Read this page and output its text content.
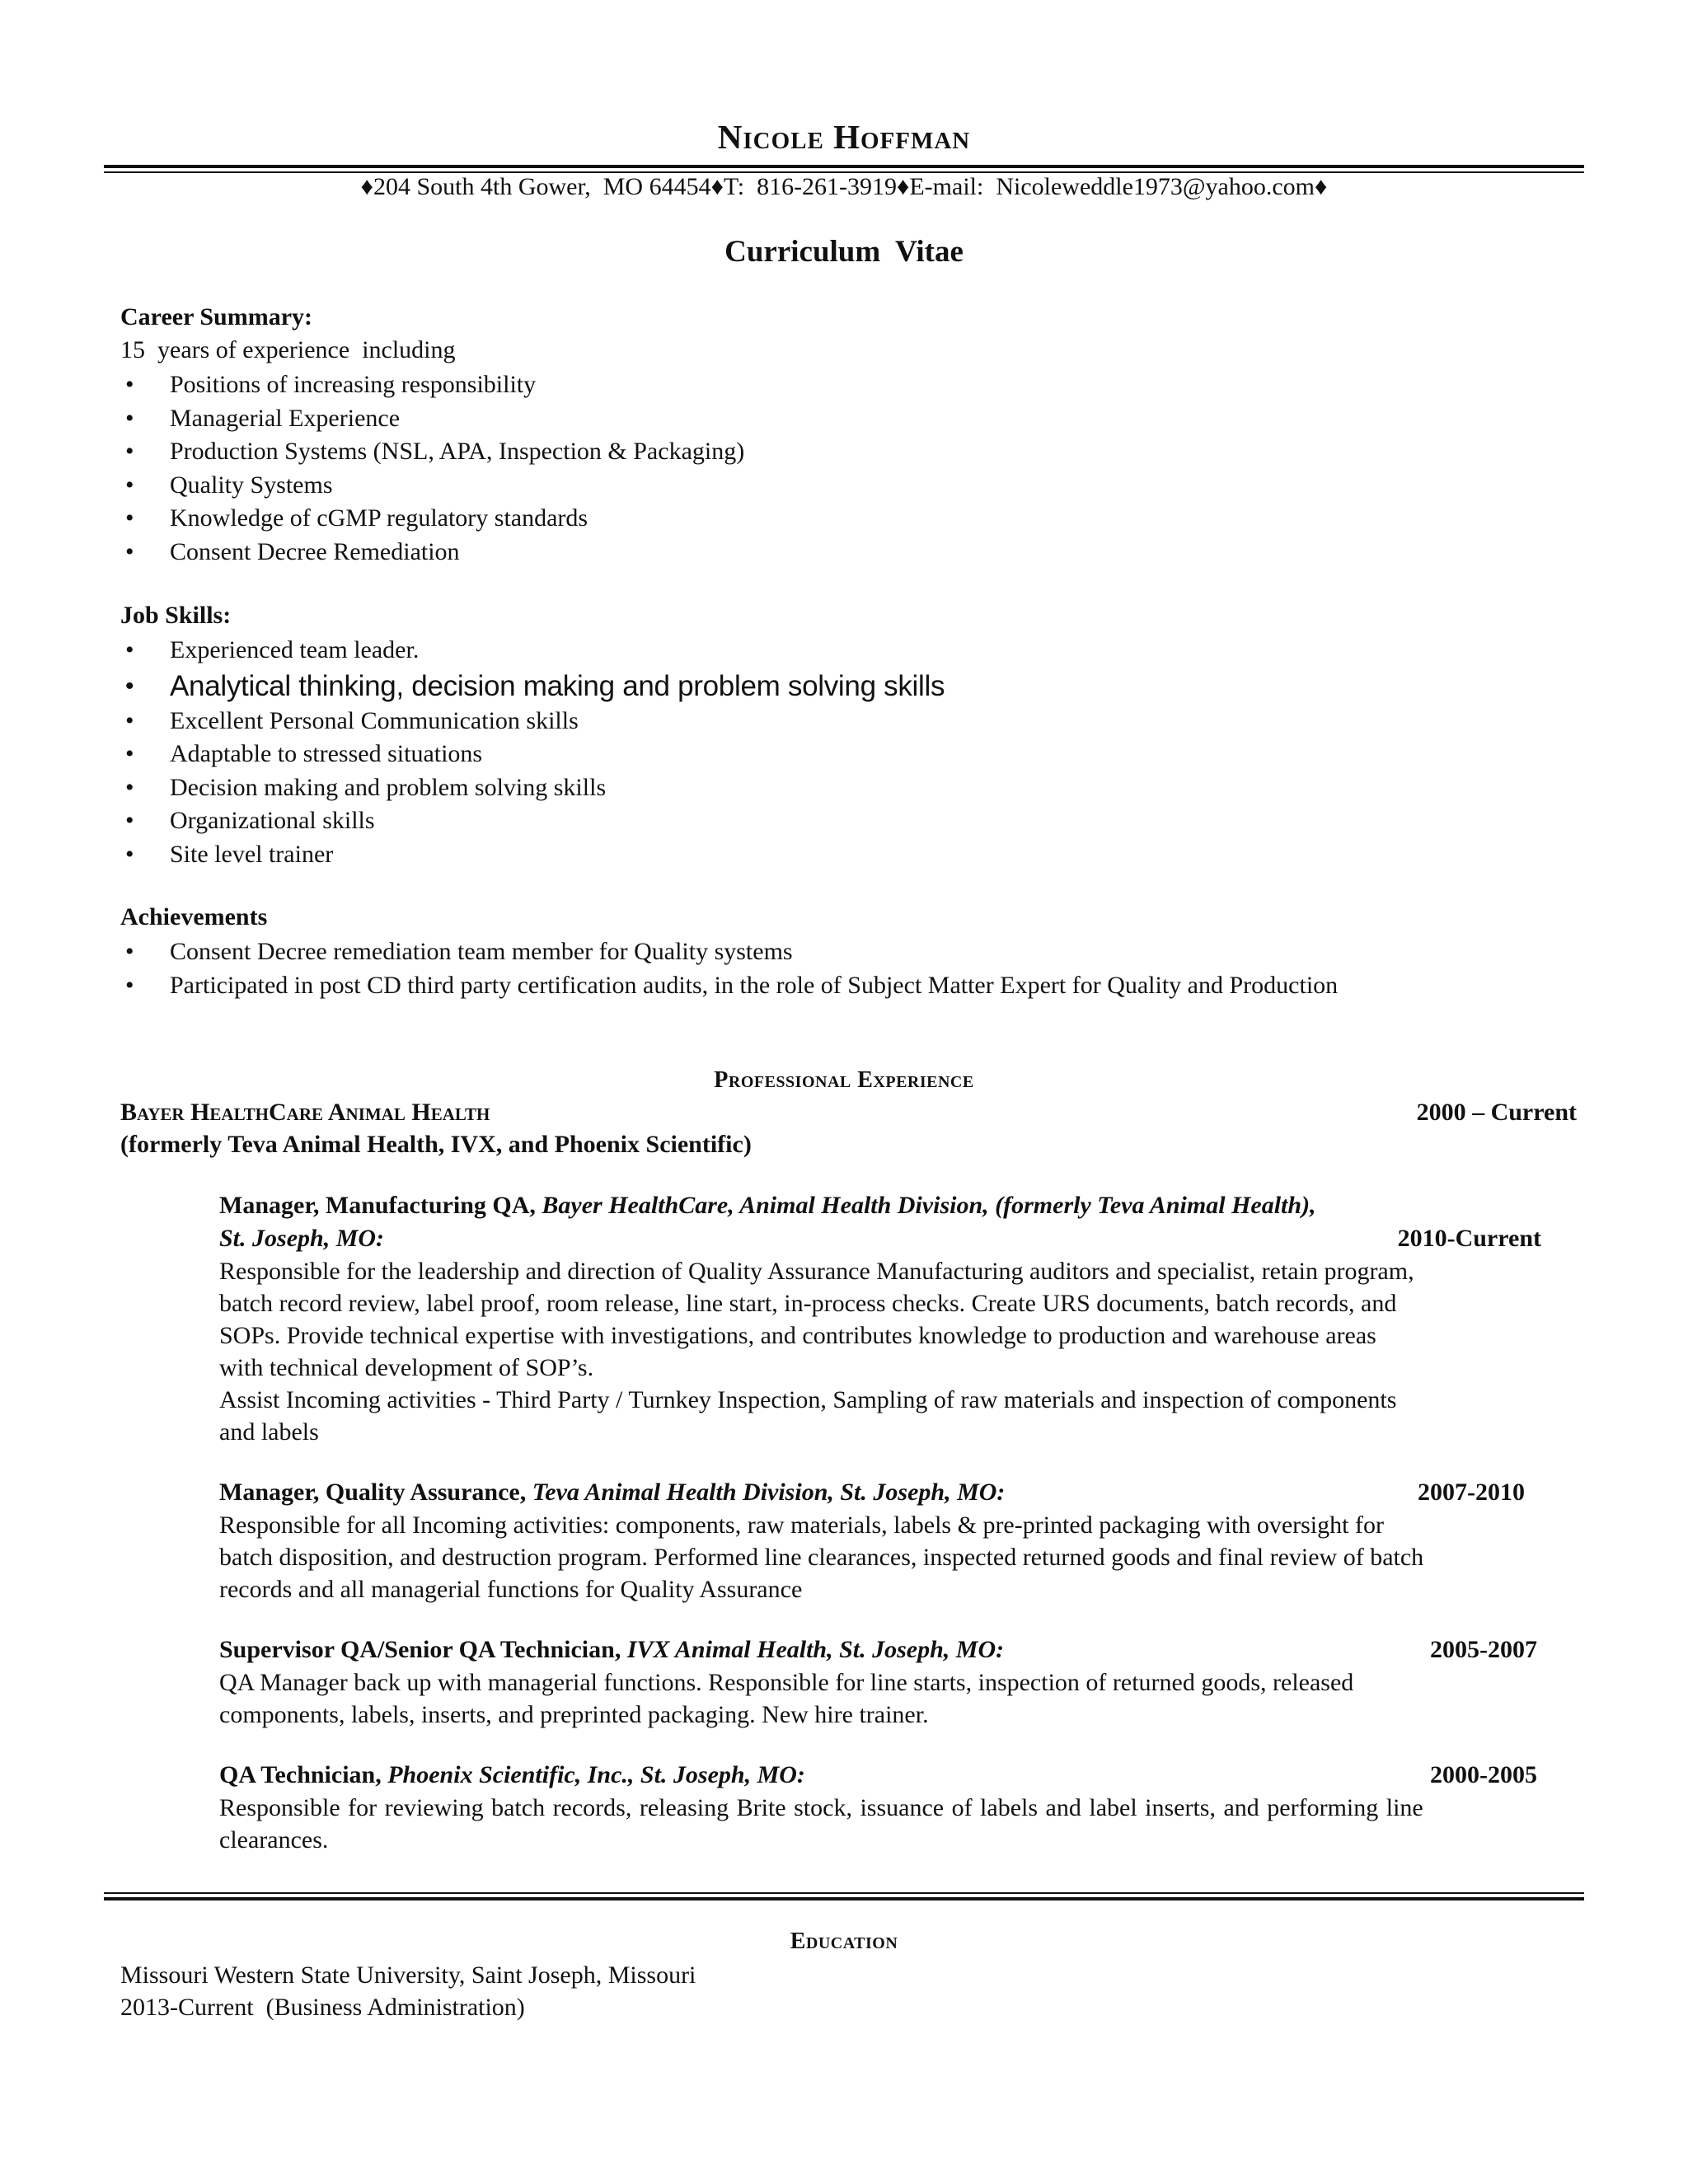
Nicole Hoffman
♦204 South 4th Gower,  MO 64454♦T:  816-261-3919♦E-mail:  Nicoleweddle1973@yahoo.com♦
Curriculum  Vitae
Career Summary:
15  years of experience  including
• Positions of increasing responsibility
• Managerial Experience
• Production Systems (NSL, APA, Inspection & Packaging)
• Quality Systems
• Knowledge of cGMP regulatory standards
• Consent Decree Remediation
Job Skills:
• Experienced team leader.
• Analytical thinking, decision making and problem solving skills
• Excellent Personal Communication skills
• Adaptable to stressed situations
• Decision making and problem solving skills
• Organizational skills
• Site level trainer
Achievements
• Consent Decree remediation team member for Quality systems
• Participated in post CD third party certification audits, in the role of Subject Matter Expert for Quality and Production
Professional Experience
Bayer HealthCare Animal Health	2000 – Current
(formerly Teva Animal Health, IVX, and Phoenix Scientific)
Manager, Manufacturing QA, Bayer HealthCare, Animal Health Division, (formerly Teva Animal Health),
St. Joseph, MO:	2010-Current
Responsible for the leadership and direction of Quality Assurance Manufacturing auditors and specialist, retain program,
batch record review, label proof, room release, line start, in-process checks. Create URS documents, batch records, and
SOPs. Provide technical expertise with investigations, and contributes knowledge to production and warehouse areas
with technical development of SOP’s.
Assist Incoming activities - Third Party / Turnkey Inspection, Sampling of raw materials and inspection of components
and labels
Manager, Quality Assurance, Teva Animal Health Division, St. Joseph, MO:	2007-2010
Responsible for all Incoming activities: components, raw materials, labels & pre-printed packaging with oversight for
batch disposition, and destruction program. Performed line clearances, inspected returned goods and final review of batch
records and all managerial functions for Quality Assurance
Supervisor QA/Senior QA Technician, IVX Animal Health, St. Joseph, MO:	2005-2007
QA Manager back up with managerial functions. Responsible for line starts, inspection of returned goods, released
components, labels, inserts, and preprinted packaging. New hire trainer.
QA Technician, Phoenix Scientific, Inc., St. Joseph, MO:	2000-2005
Responsible for reviewing batch records, releasing Brite stock, issuance of labels and label inserts, and performing line
clearances.
Education
Missouri Western State University, Saint Joseph, Missouri
2013-Current  (Business Administration)
